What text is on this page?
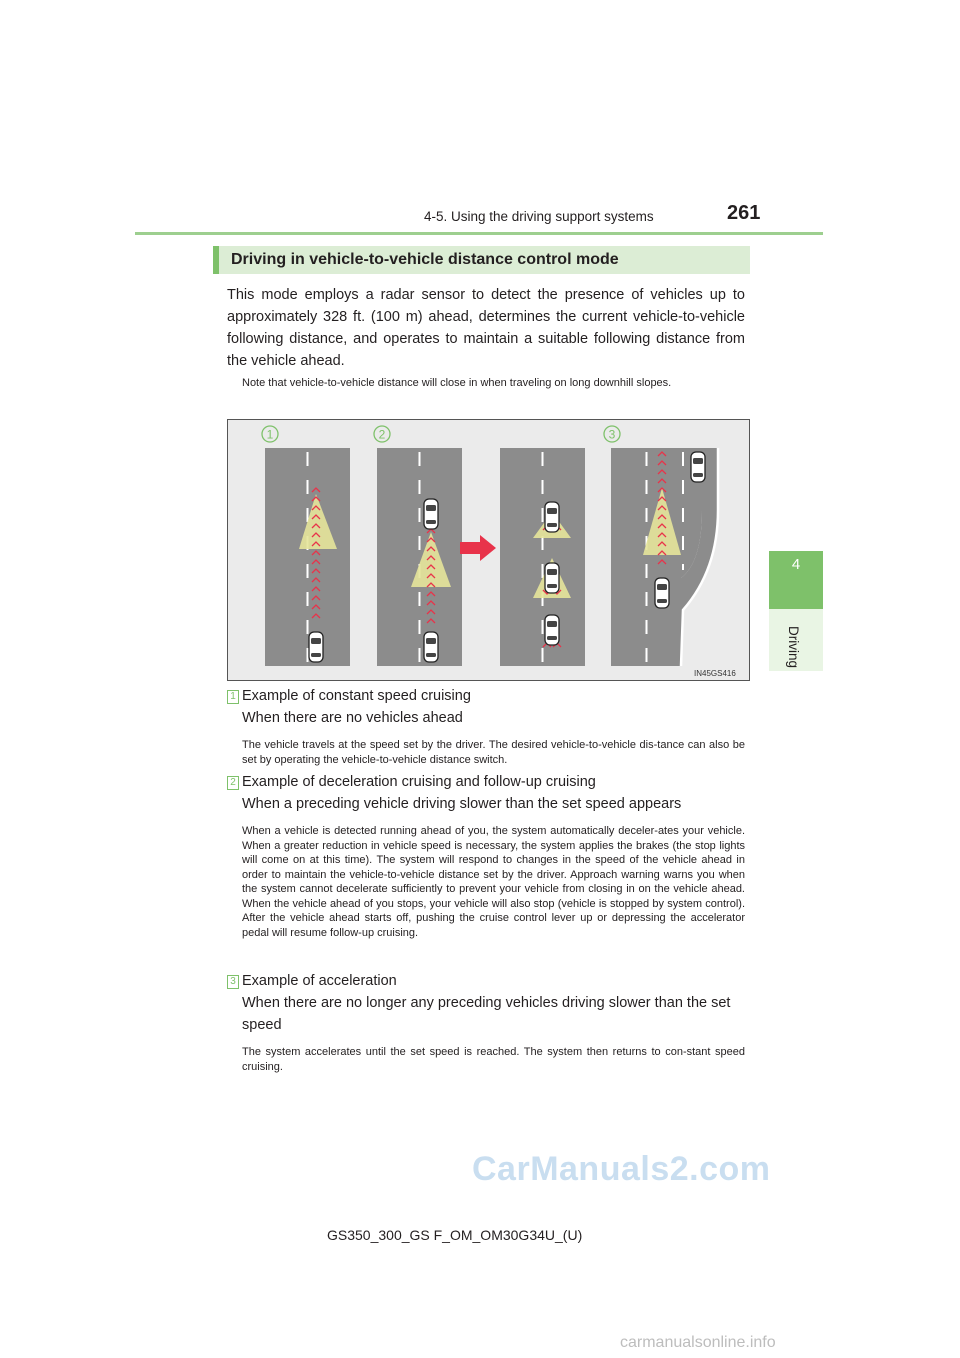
4-5. Using the driving support systems	261
4
Driving
Driving in vehicle-to-vehicle distance control mode
This mode employs a radar sensor to detect the presence of vehicles up to approximately 328 ft. (100 m) ahead, determines the current vehicle-to-vehicle following distance, and operates to maintain a suitable following distance from the vehicle ahead.
Note that vehicle-to-vehicle distance will close in when traveling on long downhill slopes.
1	2	3
IN45GS416
1 Example of constant speed cruising
When there are no vehicles ahead
The vehicle travels at the speed set by the driver. The desired vehicle-to-vehicle dis-tance can also be set by operating the vehicle-to-vehicle distance switch.
2 Example of deceleration cruising and follow-up cruising
When a preceding vehicle driving slower than the set speed appears
When a vehicle is detected running ahead of you, the system automatically deceler-ates your vehicle. When a greater reduction in vehicle speed is necessary, the system applies the brakes (the stop lights will come on at this time). The system will respond to changes in the speed of the vehicle ahead in order to maintain the vehicle-to-vehicle distance set by the driver. Approach warning warns you when the system cannot decelerate sufficiently to prevent your vehicle from closing in on the vehicle ahead. When the vehicle ahead of you stops, your vehicle will also stop (vehicle is stopped by system control). After the vehicle ahead starts off, pushing the cruise control lever up or depressing the accelerator pedal will resume follow-up cruising.
3 Example of acceleration
When there are no longer any preceding vehicles driving slower than the set speed
The system accelerates until the set speed is reached. The system then returns to con-stant speed cruising.
CarManuals2.com
GS350_300_GS F_OM_OM30G34U_(U)
carmanualsonline.info
